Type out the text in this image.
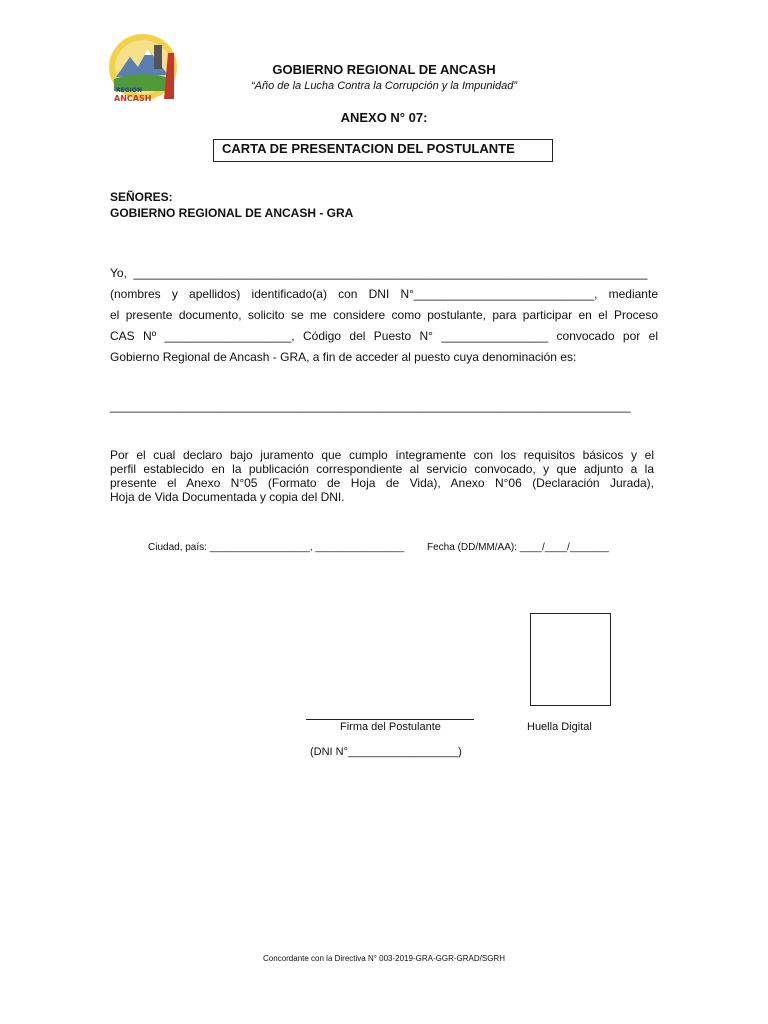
REGION
ANCASH
GOBIERNO REGIONAL DE ANCASH
“Año de la Lucha Contra la Corrupción y la Impunidad”
ANEXO N° 07:
CARTA DE PRESENTACION DEL POSTULANTE
SEÑORES:
GOBIERNO REGIONAL DE ANCASH - GRA
Yo,  _____________________________________________________________________________
(nombres y apellidos) identificado(a) con DNI N°___________________________, mediante
el presente documento, solicito se me considere como postulante, para participar en el Proceso
CAS Nº ___________________, Código del Puesto N° ________________ convocado por el
Gobierno Regional de Ancash - GRA, a fin de acceder al puesto cuya denominación es:
______________________________________________________________________________
Por el cual declaro bajo juramento que cumplo íntegramente con los requisitos básicos y el
perfil establecido en la publicación correspondiente al servicio convocado, y que adjunto a la
presente el Anexo N°05 (Formato de Hoja de Vida), Anexo N°06 (Declaración Jurada),
Hoja de Vida Documentada y copia del DNI.
Ciudad, país: __________________, ________________ Fecha (DD/MM/AA): ____/____/_______
Firma del Postulante	Huella Digital
(DNI N°__________________)
Concordante con la Directiva N° 003-2019-GRA-GGR-GRAD/SGRH
